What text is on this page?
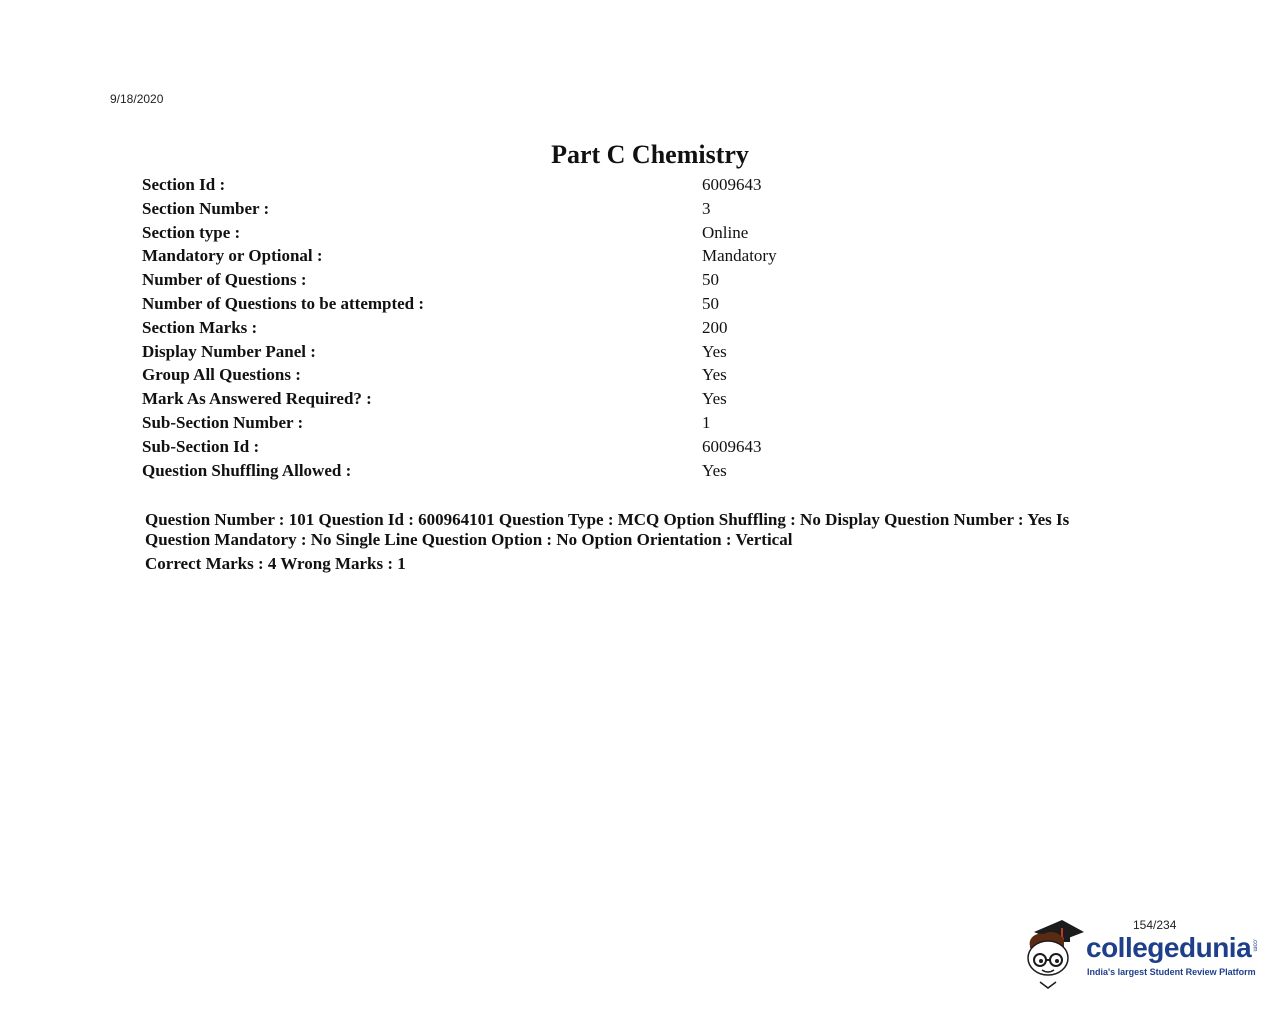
9/18/2020
Part C Chemistry
Section Id :	6009643
Section Number :	3
Section type :	Online
Mandatory or Optional :	Mandatory
Number of Questions :	50
Number of Questions to be attempted :	50
Section Marks :	200
Display Number Panel :	Yes
Group All Questions :	Yes
Mark As Answered Required? :	Yes
Sub-Section Number :	1
Sub-Section Id :	6009643
Question Shuffling Allowed :	Yes
Question Number : 101 Question Id : 600964101 Question Type : MCQ Option Shuffling : No Display Question Number : Yes Is Question Mandatory : No Single Line Question Option : No Option Orientation : Vertical
Correct Marks : 4 Wrong Marks : 1
154/234
collegedunia .com
India's largest Student Review Platform
